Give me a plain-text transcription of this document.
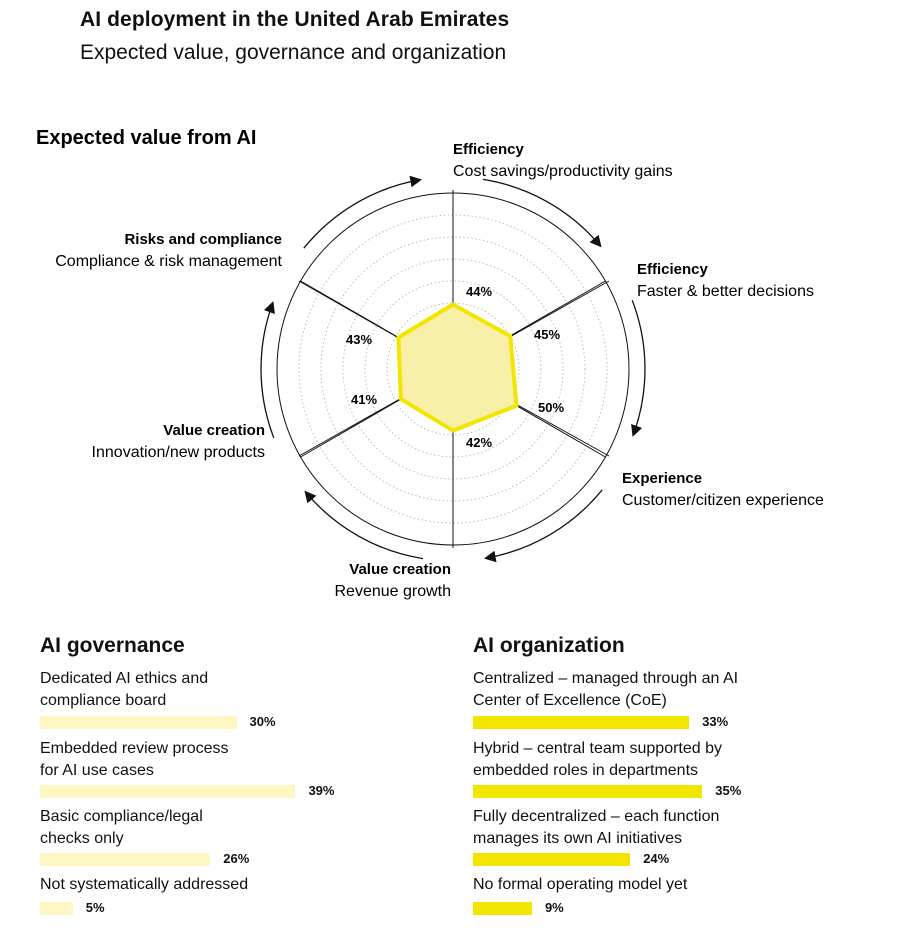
AI deployment in the United Arab Emirates
Expected value, governance and organization
Expected value from AI
44%
45%
50%
42%
41%
43%
Efficiency
Cost savings/productivity gains
Efficiency
Faster & better decisions
Experience
Customer/citizen experience
Value creation
Revenue growth
Value creation
Innovation/new products
Risks and compliance
Compliance & risk management
AI governance
Dedicated AI ethics and
compliance board
30%
Embedded review process
for AI use cases
39%
Basic compliance/legal
checks only
26%
Not systematically addressed
5%
AI organization
Centralized – managed through an AI
Center of Excellence (CoE)
33%
Hybrid – central team supported by
embedded roles in departments
35%
Fully decentralized – each function
manages its own AI initiatives
24%
No formal operating model yet
9%
